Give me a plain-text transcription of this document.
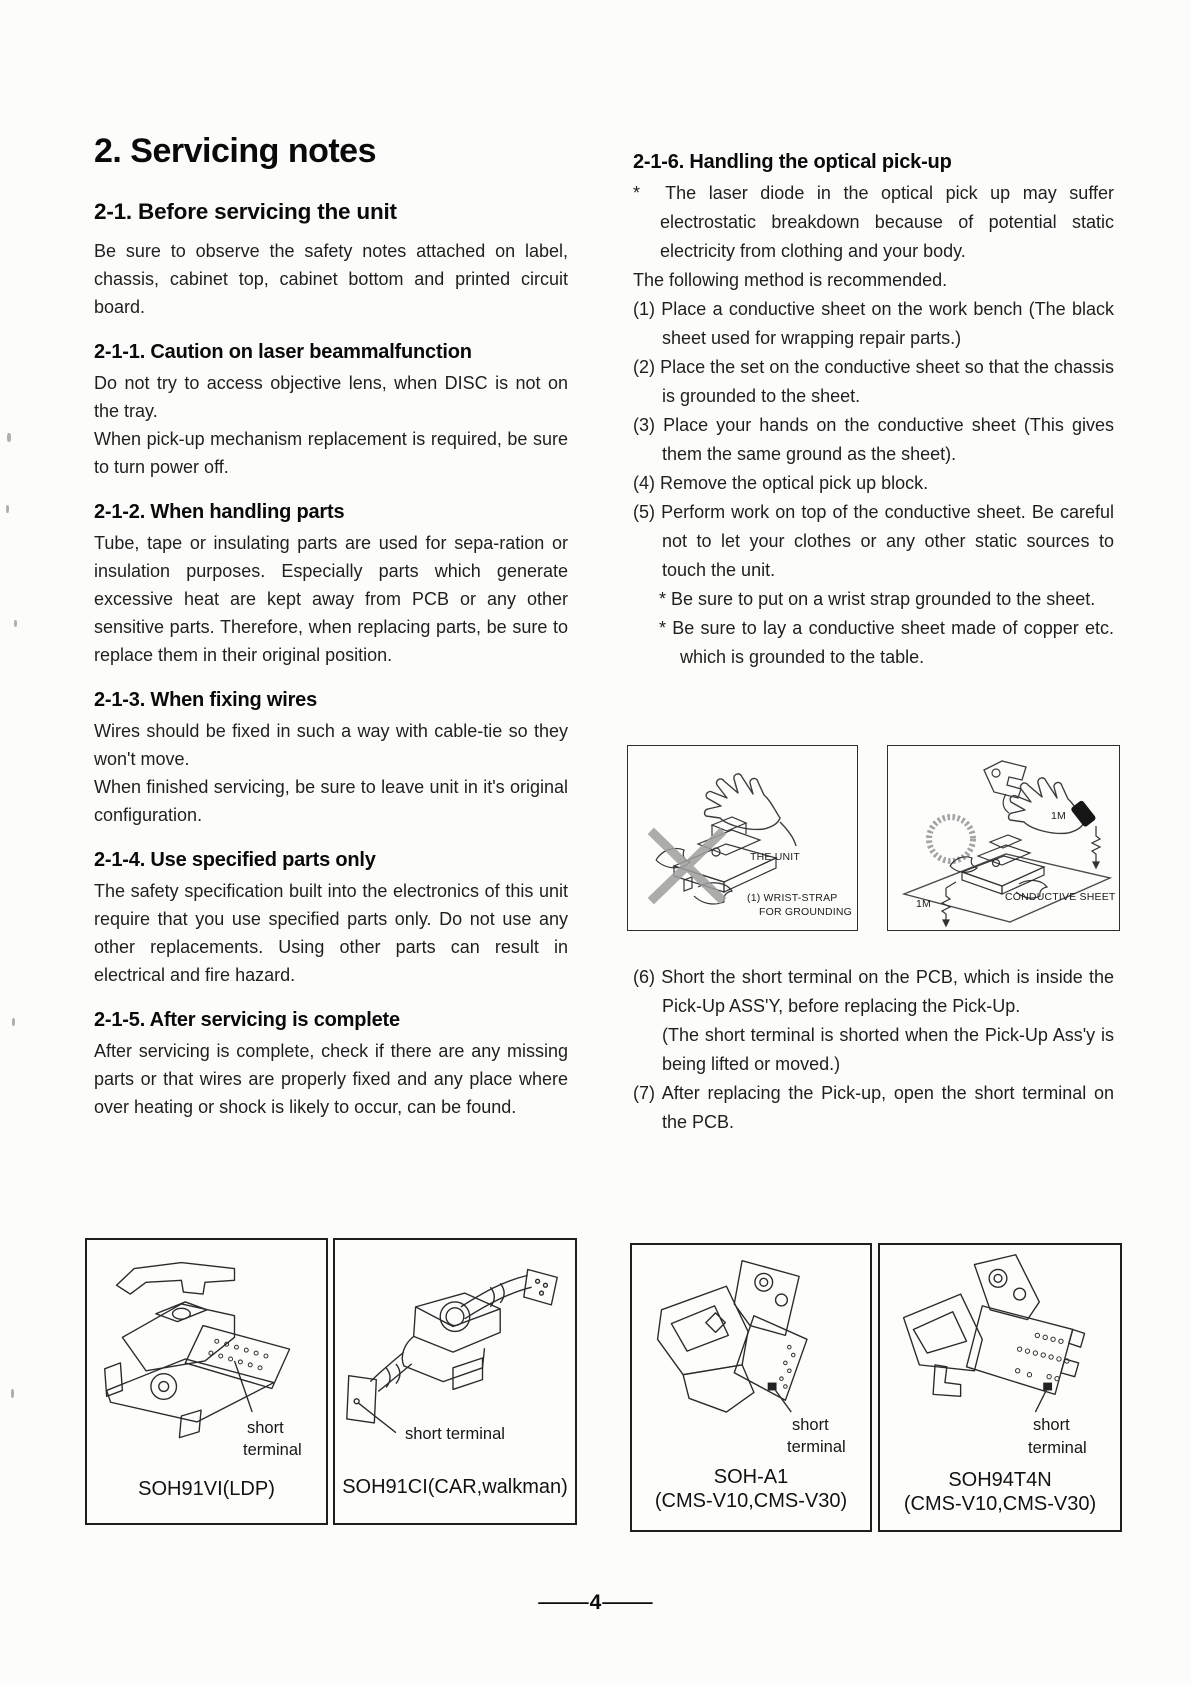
2. Servicing notes
2-1. Before servicing the unit

Be sure to observe the safety notes attached on label, chassis, cabinet top, cabinet bottom and printed circuit board.

2-1-1. Caution on laser beammalfunction

Do not try to access objective lens, when DISC is not on the tray.

When pick-up mechanism replacement is required, be sure to turn power off.

2-1-2. When handling parts

Tube, tape or insulating parts are used for sepa-ration or insulation purposes. Especially parts which generate excessive heat are kept away from PCB or any other sensitive parts. Therefore, when replacing parts, be sure to replace them in their original position.

2-1-3. When fixing wires

Wires should be fixed in such a way with cable-tie so they won't move.

When finished servicing, be sure to leave unit in it's original configuration.

2-1-4. Use specified parts only

The safety specification built into the electronics of this unit require that you use specified parts only. Do not use any other replacements. Using other parts can result in electrical and fire hazard.

2-1-5. After servicing is complete

After servicing is complete, check if there are any missing parts or that wires are properly fixed and any place where over heating or shock is likely to occur, can be found.

2-1-6. Handling the optical pick-up

* The laser diode in the optical pick up may suffer electrostatic breakdown because of potential static electricity from clothing and your body.

The following method is recommended.

(1) Place a conductive sheet on the work bench (The black sheet used for wrapping repair parts.)

(2) Place the set on the conductive sheet so that the chassis is grounded to the sheet.

(3) Place your hands on the conductive sheet (This gives them the same ground as the sheet).

(4) Remove the optical pick up block.

(5) Perform work on top of the conductive sheet. Be careful not to let your clothes or any other static sources to touch the unit.

* Be sure to put on a wrist strap grounded to the sheet.

* Be sure to lay a conductive sheet made of copper etc. which is grounded to the table.

THE UNIT
(1) WRIST-STRAP
FOR GROUNDING
1M
1M
CONDUCTIVE SHEET

(6) Short the short terminal on the PCB, which is inside the Pick-Up ASS'Y, before replacing the Pick-Up.

(The short terminal is shorted when the Pick-Up Ass'y is being lifted or moved.)

(7) After replacing the Pick-up, open the short terminal on the PCB.

short
terminal
SOH91VI(LDP)
short terminal
SOH91CI(CAR,walkman)
short
terminal
SOH-A1
(CMS-V10,CMS-V30)
short
terminal
SOH94T4N
(CMS-V10,CMS-V30)
—4—
